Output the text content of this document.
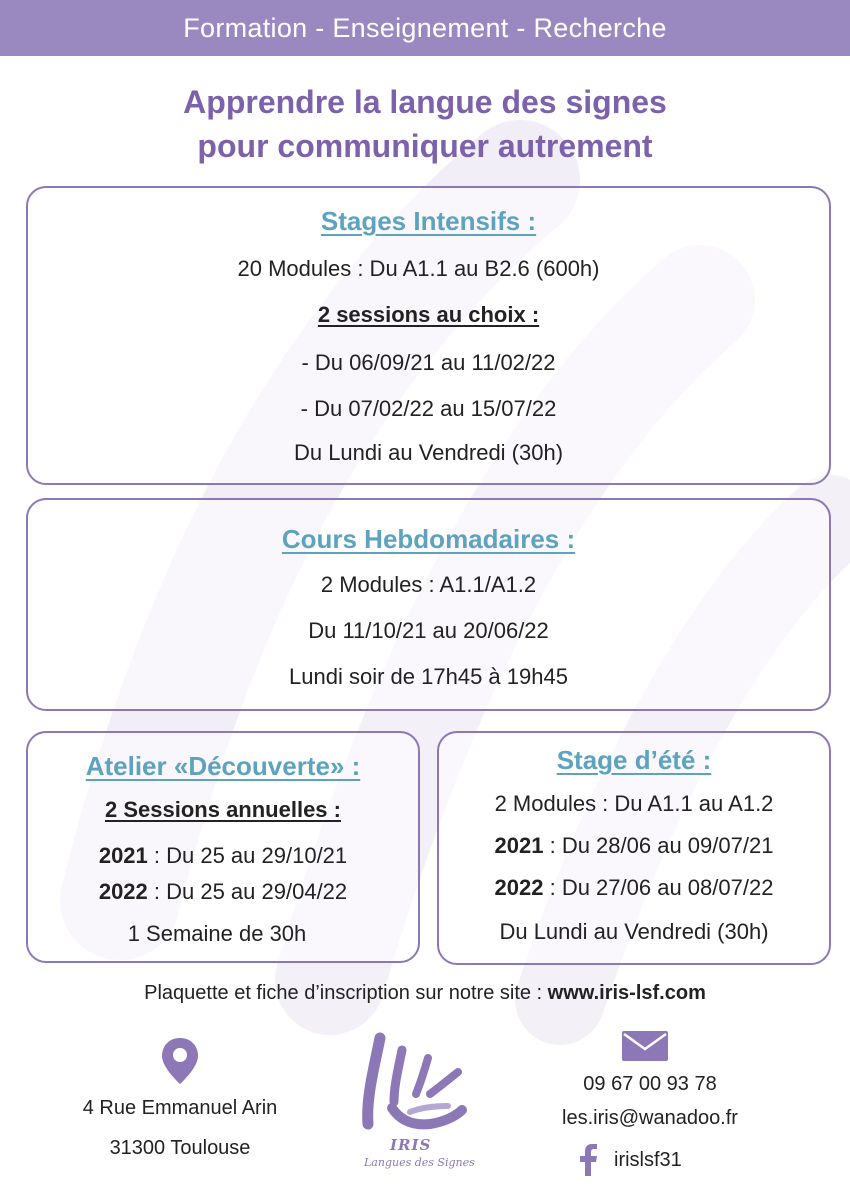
Formation - Enseignement - Recherche
Apprendre la langue des signes
pour communiquer autrement
Stages Intensifs :
20 Modules : Du A1.1 au B2.6 (600h)
2 sessions au choix :
- Du 06/09/21 au 11/02/22
- Du 07/02/22 au 15/07/22
Du Lundi au Vendredi (30h)
Cours Hebdomadaires :
2 Modules : A1.1/A1.2
Du 11/10/21 au 20/06/22
Lundi soir de 17h45 à 19h45
Atelier «Découverte» :
2 Sessions annuelles :
2021 : Du 25 au 29/10/21
2022 : Du 25 au 29/04/22
1 Semaine de 30h
Stage d’été :
2 Modules : Du A1.1 au A1.2
2021 : Du 28/06 au 09/07/21
2022 : Du 27/06 au 08/07/22
Du Lundi au Vendredi (30h)
Plaquette et fiche d’inscription sur notre site : www.iris-lsf.com
4 Rue Emmanuel Arin
31300 Toulouse	IRIS
Langues des Signes
09 67 00 93 78
les.iris@wanadoo.fr
irislsf31
